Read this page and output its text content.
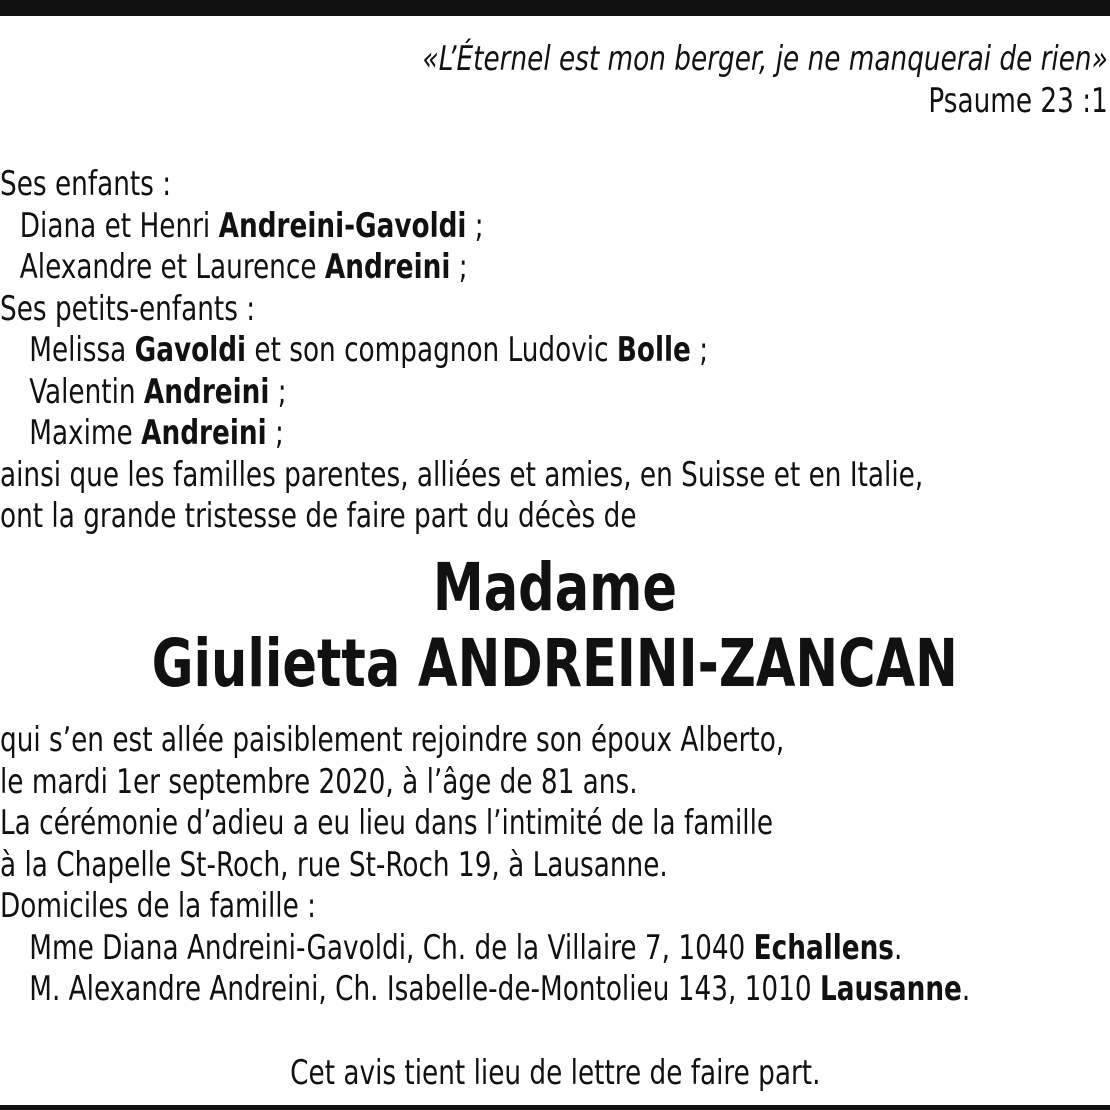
«L’Éternel est mon berger, je ne manquerai de rien»
Psaume 23 :1
Ses enfants :
Diana et Henri Andreini-Gavoldi ;
Alexandre et Laurence Andreini ;
Ses petits-enfants :
Melissa Gavoldi et son compagnon Ludovic Bolle ;
Valentin Andreini ;
Maxime Andreini ;
ainsi que les familles parentes, alliées et amies, en Suisse et en Italie,
ont la grande tristesse de faire part du décès de
Madame
Giulietta ANDREINI-ZANCAN
qui s’en est allée paisiblement rejoindre son époux Alberto,
le mardi 1er septembre 2020, à l’âge de 81 ans.
La cérémonie d’adieu a eu lieu dans l’intimité de la famille
à la Chapelle St-Roch, rue St-Roch 19, à Lausanne.
Domiciles de la famille :
Mme Diana Andreini-Gavoldi, Ch. de la Villaire 7, 1040 Echallens.
M. Alexandre Andreini, Ch. Isabelle-de-Montolieu 143, 1010 Lausanne.
Cet avis tient lieu de lettre de faire part.
